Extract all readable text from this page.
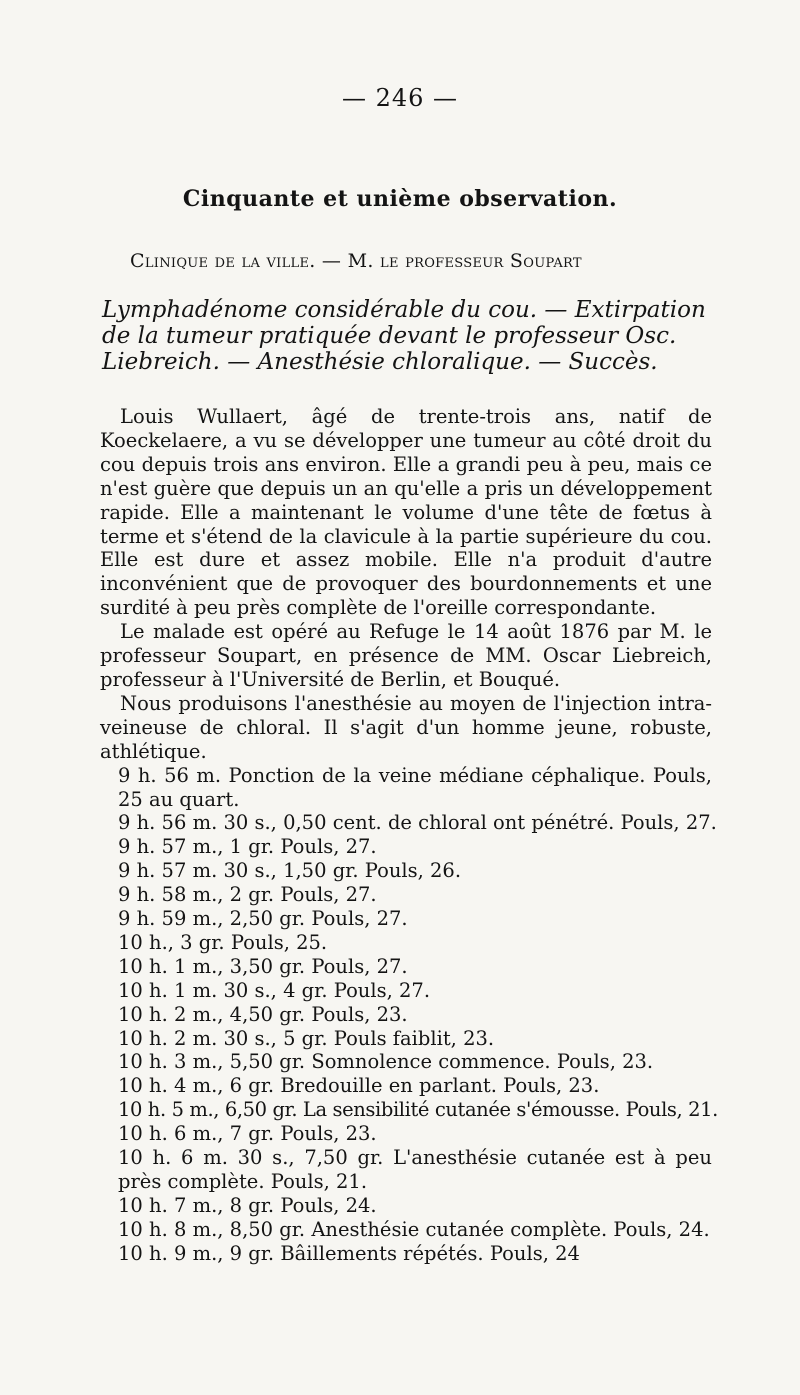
— 246 —
Cinquante et unième observation.
Clinique de la ville. — M. le professeur Soupart
Lymphadénome considérable du cou. — Extirpation de la tumeur pratiquée devant le professeur Osc. Liebreich. — Anesthésie chloralique. — Succès.

Louis Wullaert, âgé de trente-trois ans, natif de Koeckelaere, a vu se développer une tumeur au côté droit du cou depuis trois ans environ. Elle a grandi peu à peu, mais ce n'est guère que depuis un an qu'elle a pris un développement rapide. Elle a maintenant le volume d'une tête de fœtus à terme et s'étend de la clavicule à la partie supérieure du cou. Elle est dure et assez mobile. Elle n'a produit d'autre inconvénient que de provoquer des bourdonnements et une surdité à peu près complète de l'oreille correspondante.

Le malade est opéré au Refuge le 14 août 1876 par M. le professeur Soupart, en présence de MM. Oscar Liebreich, professeur à l'Université de Berlin, et Bouqué.

Nous produisons l'anesthésie au moyen de l'injection intra-veineuse de chloral. Il s'agit d'un homme jeune, robuste, athlétique.

9 h. 56 m. Ponction de la veine médiane céphalique. Pouls, 25 au quart.

9 h. 56 m. 30 s., 0,50 cent. de chloral ont pénétré. Pouls, 27.

9 h. 57 m., 1 gr. Pouls, 27.

9 h. 57 m. 30 s., 1,50 gr. Pouls, 26.

9 h. 58 m., 2 gr. Pouls, 27.

9 h. 59 m., 2,50 gr. Pouls, 27.

10 h., 3 gr. Pouls, 25.

10 h. 1 m., 3,50 gr. Pouls, 27.

10 h. 1 m. 30 s., 4 gr. Pouls, 27.

10 h. 2 m., 4,50 gr. Pouls, 23.

10 h. 2 m. 30 s., 5 gr. Pouls faiblit, 23.

10 h. 3 m., 5,50 gr. Somnolence commence. Pouls, 23.

10 h. 4 m., 6 gr. Bredouille en parlant. Pouls, 23.

10 h. 5 m., 6,50 gr. La sensibilité cutanée s'émousse. Pouls, 21.

10 h. 6 m., 7 gr. Pouls, 23.

10 h. 6 m. 30 s., 7,50 gr. L'anesthésie cutanée est à peu près complète. Pouls, 21.

10 h. 7 m., 8 gr. Pouls, 24.

10 h. 8 m., 8,50 gr. Anesthésie cutanée complète. Pouls, 24.

10 h. 9 m., 9 gr. Bâillements répétés. Pouls, 24
